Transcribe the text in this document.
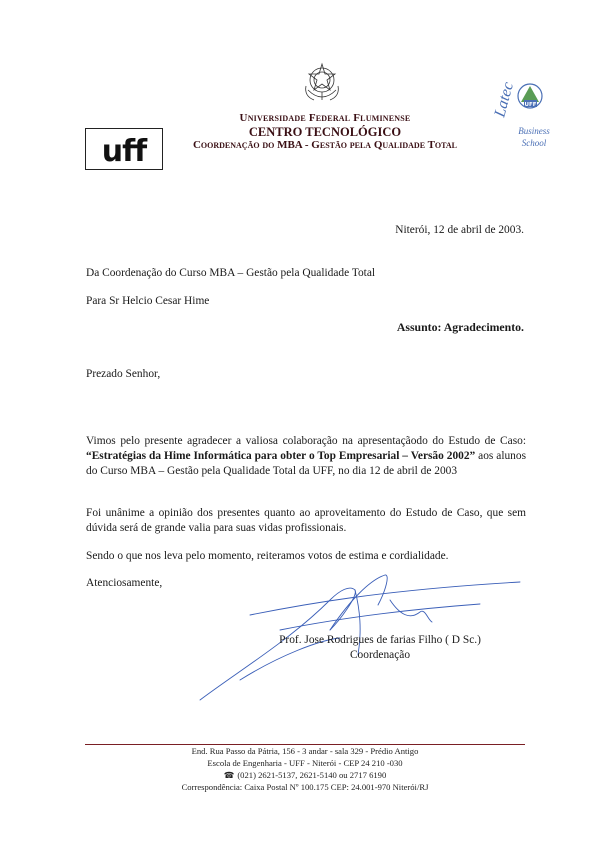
uff
UFF
Latec
Business
School
Universidade Federal Fluminense
CENTRO TECNOLÓGICO
Coordenação do MBA - Gestão pela Qualidade Total
Niterói, 12 de abril de 2003.
Da Coordenação do Curso MBA – Gestão pela Qualidade Total
Para Sr Helcio Cesar Hime
Assunto: Agradecimento.
Prezado Senhor,
Vimos pelo presente agradecer a valiosa colaboração na apresentaçãodo do Estudo de Caso: “Estratégias da Hime Informática para obter o Top Empresarial – Versão 2002” aos alunos do Curso MBA – Gestão pela Qualidade Total da UFF, no dia 12 de abril de 2003
Foi unânime a opinião dos presentes quanto ao aproveitamento do Estudo de Caso, que sem dúvida será de grande valia para suas vidas profissionais.
Sendo o que nos leva pelo momento, reiteramos votos de estima e cordialidade.
Atenciosamente,
Prof. Jose Rodrigues de farias Filho ( D Sc.)
Coordenação
End. Rua Passo da Pátria, 156 - 3 andar - sala 329 - Prédio Antigo
Escola de Engenharia - UFF - Niterói - CEP 24 210 -030
☎ (021) 2621-5137, 2621-5140 ou 2717 6190
Correspondência: Caixa Postal Nº 100.175 CEP: 24.001-970 Niterói/RJ
